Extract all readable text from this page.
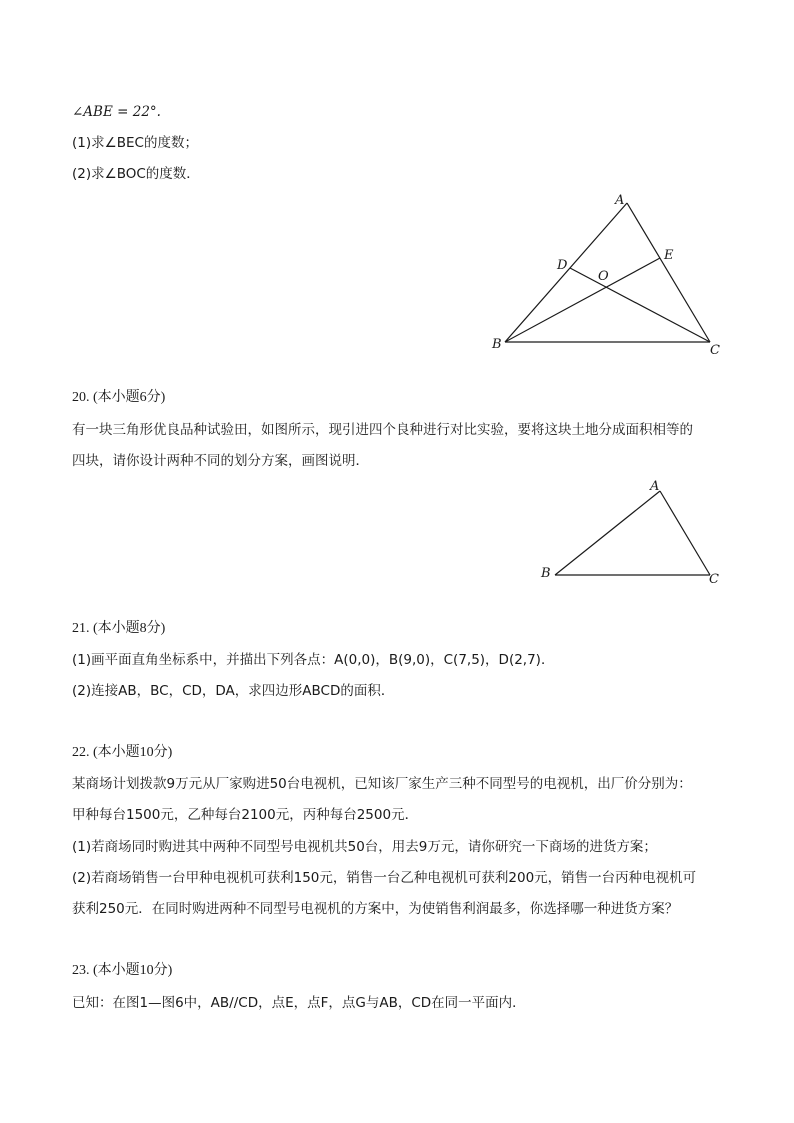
∠ABE = 22°.
(1)求∠BEC的度数；
(2)求∠BOC的度数．
A
B	C
D
E
O
A
B	C
20. (本小题6分)
有一块三角形优良品种试验田，如图所示，现引进四个良种进行对比实验，要将这块土地分成面积相等的
四块，请你设计两种不同的划分方案，画图说明．
21. (本小题8分)
(1)画平面直角坐标系中，并描出下列各点：A(0,0)，B(9,0)，C(7,5)，D(2,7)．
(2)连接AB，BC，CD，DA，求四边形ABCD的面积．
22. (本小题10分)
某商场计划拨款9万元从厂家购进50台电视机，已知该厂家生产三种不同型号的电视机，出厂价分别为：
甲种每台1500元，乙种每台2100元，丙种每台2500元．
(1)若商场同时购进其中两种不同型号电视机共50台，用去9万元，请你研究一下商场的进货方案；
(2)若商场销售一台甲种电视机可获利150元，销售一台乙种电视机可获利200元，销售一台丙种电视机可
获利250元．在同时购进两种不同型号电视机的方案中，为使销售利润最多，你选择哪一种进货方案？
23. (本小题10分)
已知：在图1—图6中，AB//CD，点E，点F，点G与AB，CD在同一平面内．
